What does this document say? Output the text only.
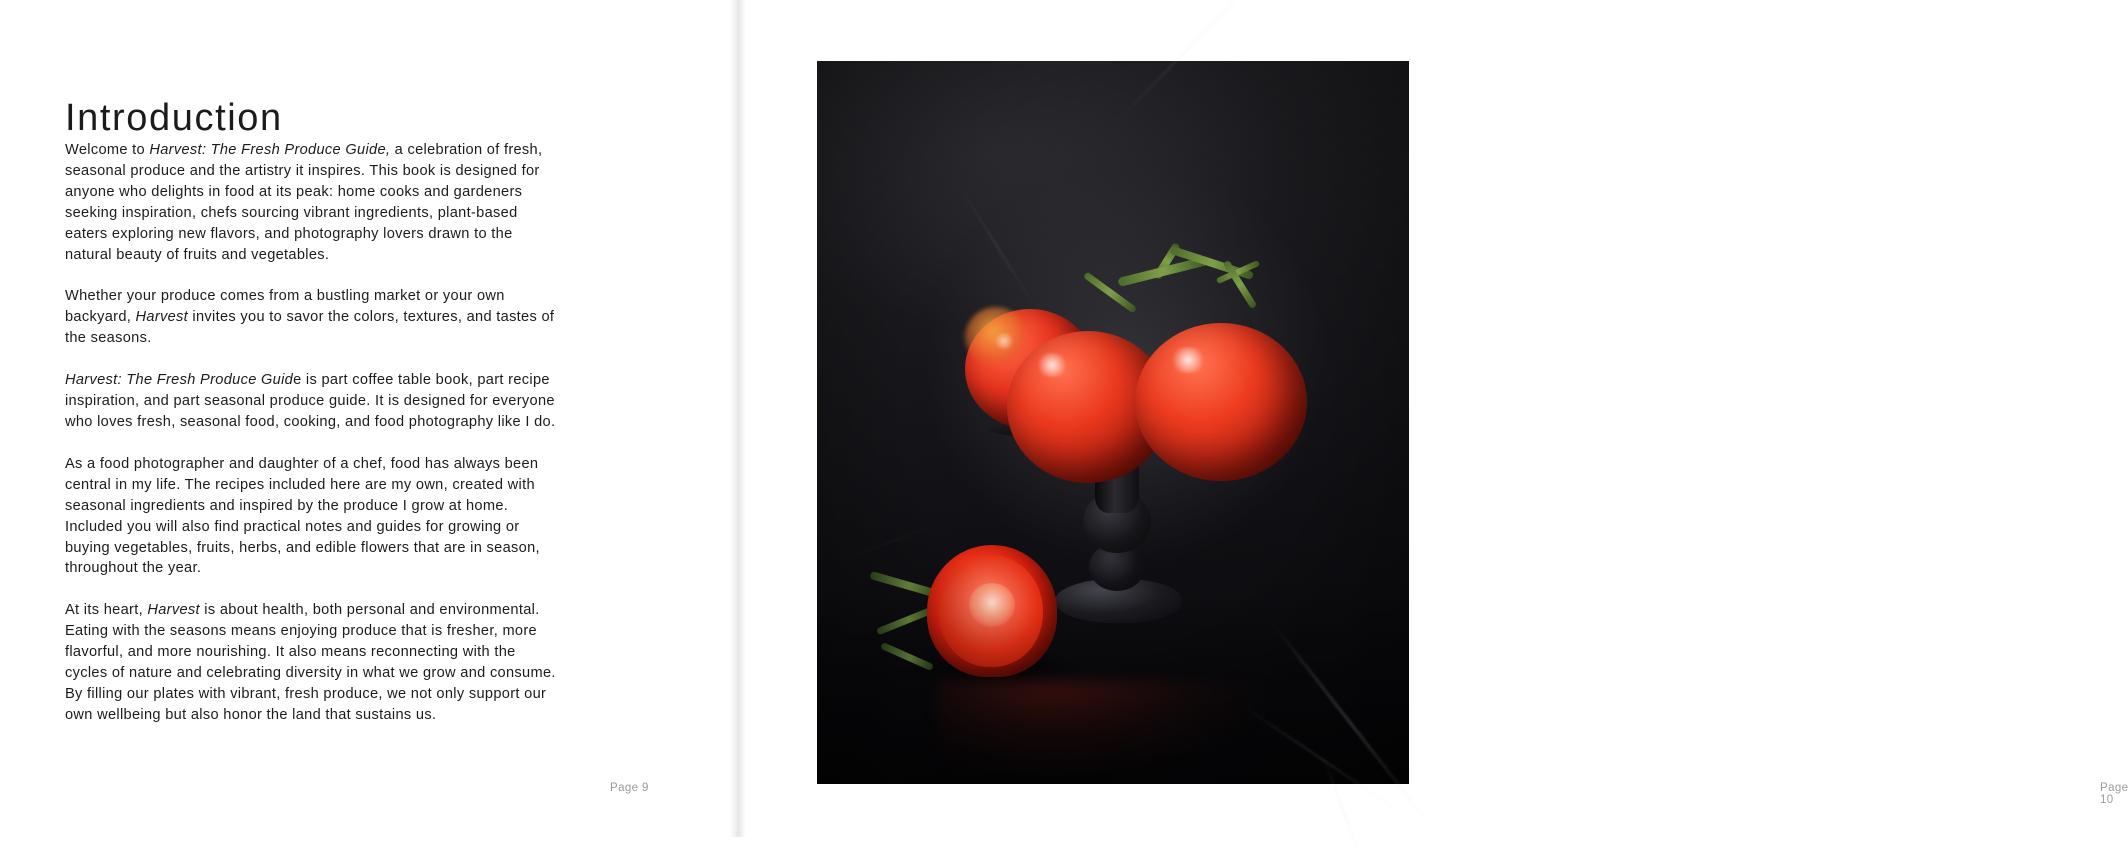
Introduction

Welcome to Harvest: The Fresh Produce Guide, a celebration of fresh, seasonal produce and the artistry it inspires. This book is designed for anyone who delights in food at its peak: home cooks and gardeners seeking inspiration, chefs sourcing vibrant ingredients, plant-based eaters exploring new flavors, and photography lovers drawn to the natural beauty of fruits and vegetables.

Whether your produce comes from a bustling market or your own backyard, Harvest invites you to savor the colors, textures, and tastes of the seasons.

Harvest: The Fresh Produce Guide is part coffee table book, part recipe inspiration, and part seasonal produce guide. It is designed for everyone who loves fresh, seasonal food, cooking, and food photography like I do.

As a food photographer and daughter of a chef, food has always been central in my life. The recipes included here are my own, created with seasonal ingredients and inspired by the produce I grow at home. Included you will also find practical notes and guides for growing or buying vegetables, fruits, herbs, and edible flowers that are in season, throughout the year.

At its heart, Harvest is about health, both personal and environmental. Eating with the seasons means enjoying produce that is fresher, more flavorful, and more nourishing. It also means reconnecting with the cycles of nature and celebrating diversity in what we grow and consume. By filling our plates with vibrant, fresh produce, we not only support our own wellbeing but also honor the land that sustains us.

Page 9	Page 10
